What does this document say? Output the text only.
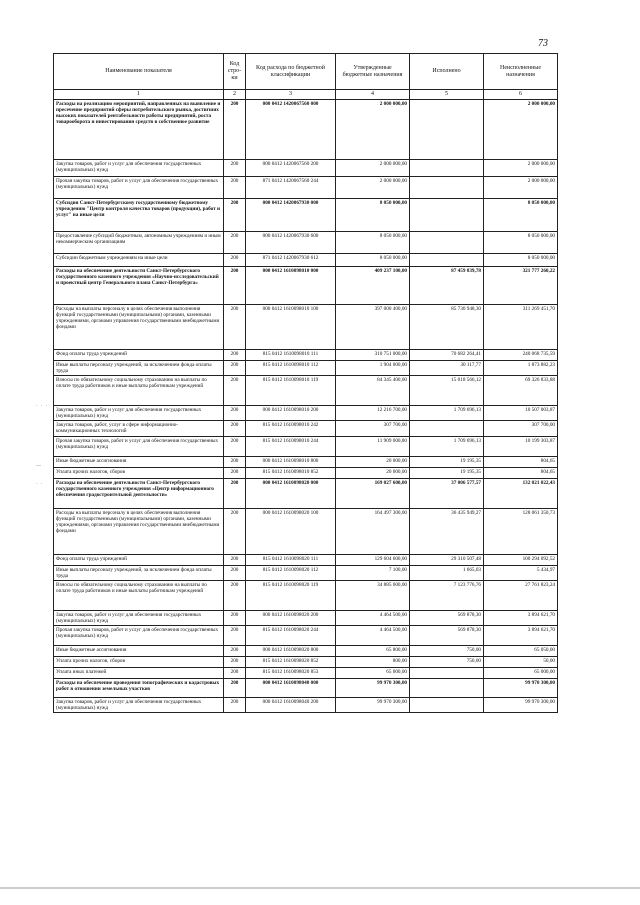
73
Наименование показателя	Код стро-ки	Код расхода по бюджетной классификации	Утвержденные бюджетные назначения	Исполнено	Неисполненные назначения
1	2	3	4	5	6
Расходы на реализацию мероприятий, направленных на выявление и пресечение предприятий сферы потребительского рынка, достигших высоких показателей рентабельности работы предприятий, роста товарооборота и инвестирования средств в собственное развитие	200	000 0412 1420067560 000	2 000 000,00		2 000 000,00
Закупка товаров, работ и услуг для обеспечения государственных (муниципальных) нужд	200	000 0412 1420067560 200	2 000 000,00		2 000 000,00
Прочая закупка товаров, работ и услуг для обеспечения государственных (муниципальных) нужд	200	871 0412 1420067560 244	2 000 000,00		2 000 000,00
Субсидия Санкт-Петербургскому государственному бюджетному учреждению "Центр контроля качества товаров (продукции), работ и услуг" на иные цели	200	000 0412 1420067930 000	8 050 000,00		8 050 000,00
Предоставление субсидий бюджетным, автономным учреждениям и иным некоммерческим организациям	200	000 0412 1420067930 600	8 050 000,00		8 050 000,00
Субсидии бюджетным учреждениям на иные цели	200	871 0412 1420067930 612	8 050 000,00		8 050 000,00
Расходы на обеспечение деятельности Санкт-Петербургского государственного казенного учреждения «Научно-исследовательский и проектный центр Генерального плана Санкт-Петербурга»	200	000 0412 1610098010 000	409 237 100,00	87 459 839,78	321 777 260,22
Расходы на выплаты персоналу в целях обеспечения выполнения функций государственными (муниципальными) органами, казенными учреждениями, органами управления государственными внебюджетными фондами	200	000 0412 1610098010 100	397 000 400,00	85 730 948,30	311 269 451,70
Фонд оплаты труда учреждений	200	815 0412 1610098010 111	310 751 000,00	70 682 264,41	240 068 735,59
Иные выплаты персоналу учреждений, за исключением фонда оплаты труда	200	815 0412 1610098010 112	1 904 000,00	30 117,77	1 873 882,23
Взносы по обязательному социальному страхованию на выплаты по оплате труда работников и иные выплаты работникам учреждений	200	815 0412 1610098010 119	84 345 400,00	15 018 566,12	69 326 833,88
Закупка товаров, работ и услуг для обеспечения государственных (муниципальных) нужд	200	000 0412 1610098010 200	12 216 700,00	1 709 696,13	10 507 003,87
Закупка товаров, работ, услуг в сфере информационно-коммуникационных технологий	200	815 0412 1610098010 242	307 700,00		307 700,00
Прочая закупка товаров, работ и услуг для обеспечения государственных (муниципальных) нужд	200	815 0412 1610098010 244	11 909 000,00	1 709 696,13	10 199 303,87
Иные бюджетные ассигнования	200	000 0412 1610098010 800	20 000,00	19 195,35	804,65
Уплата прочих налогов, сборов	200	815 0412 1610098010 852	20 000,00	19 195,35	804,65
Расходы на обеспечение деятельности Санкт-Петербургского государственного казенного учреждения «Центр информационного обеспечения градостроительной деятельности»	200	000 0412 1610098020 000	169 027 600,00	37 006 577,57	132 021 022,43
Расходы на выплаты персоналу в целях обеспечения выполнения функций государственными (муниципальными) органами, казенными учреждениями, органами управления государственными внебюджетными фондами	200	000 0412 1610098020 100	164 497 300,00	36 435 949,27	128 061 350,73
Фонд оплаты труда учреждений	200	815 0412 1610098020 111	129 604 600,00	29 310 507,48	100 294 092,52
Иные выплаты персоналу учреждений, за исключением фонда оплаты труда	200	815 0412 1610098020 112	7 100,00	1 665,03	5 434,97
Взносы по обязательному социальному страхованию на выплаты по оплате труда работников и иные выплаты работникам учреждений	200	815 0412 1610098020 119	34 885 600,00	7 123 776,76	27 761 823,24
Закупка товаров, работ и услуг для обеспечения государственных (муниципальных) нужд	200	000 0412 1610098020 200	4 464 500,00	569 878,30	3 894 621,70
Прочая закупка товаров, работ и услуг для обеспечения государственных (муниципальных) нужд	200	815 0412 1610098020 244	4 464 500,00	569 878,30	3 894 621,70
Иные бюджетные ассигнования	200	000 0412 1610098020 800	65 800,00	750,00	65 050,00
Уплата прочих налогов, сборов	200	815 0412 1610098020 852	800,00	750,00	50,00
Уплата иных платежей	200	815 0412 1610098020 853	65 000,00		65 000,00
Расходы на обеспечение проведения топографических и кадастровых работ в отношении земельных участков	200	000 0412 1610098040 000	99 970 300,00		99 970 300,00
Закупка товаров, работ и услуг для обеспечения государственных (муниципальных) нужд	200	000 0412 1610098040 200	99 970 300,00		99 970 300,00
· · ·
—
· ·
